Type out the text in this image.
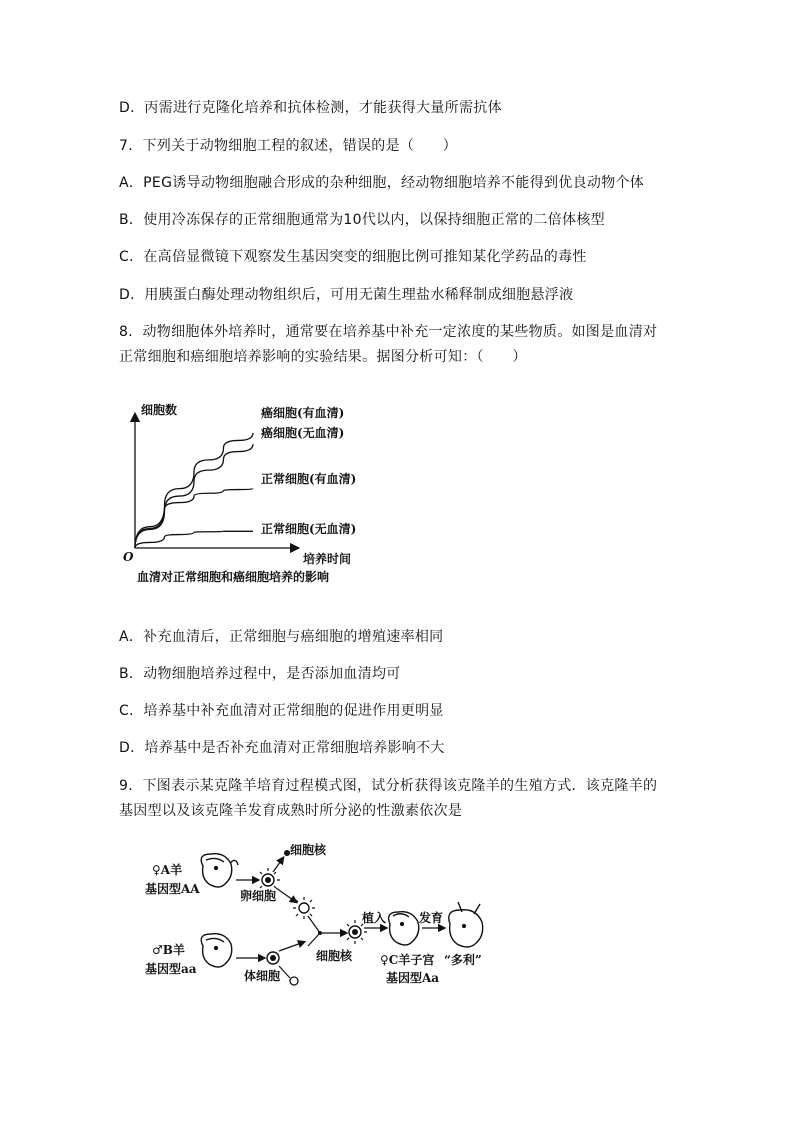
D．丙需进行克隆化培养和抗体检测，才能获得大量所需抗体
7．下列关于动物细胞工程的叙述，错误的是（　　）
A．PEG诱导动物细胞融合形成的杂种细胞，经动物细胞培养不能得到优良动物个体
B．使用冷冻保存的正常细胞通常为10代以内，以保持细胞正常的二倍体核型
C．在高倍显微镜下观察发生基因突变的细胞比例可推知某化学药品的毒性
D．用胰蛋白酶处理动物组织后，可用无菌生理盐水稀释制成细胞悬浮液
8．动物细胞体外培养时，通常要在培养基中补充一定浓度的某些物质。如图是血清对
正常细胞和癌细胞培养影响的实验结果。据图分析可知：（　　）
细胞数
O	培养时间
癌细胞(有血清)
癌细胞(无血清)
正常细胞(有血清)
正常细胞(无血清)
血清对正常细胞和癌细胞培养的影响
A．补充血清后，正常细胞与癌细胞的增殖速率相同
B．动物细胞培养过程中，是否添加血清均可
C．培养基中补充血清对正常细胞的促进作用更明显
D．培养基中是否补充血清对正常细胞培养影响不大
9．下图表示某克隆羊培育过程模式图，试分析获得该克隆羊的生殖方式．该克隆羊的
基因型以及该克隆羊发育成熟时所分泌的性激素依次是
♀A羊
基因型AA
细胞核
卵细胞
植入	发育
♀C羊子宫 “多利”
基因型Aa
♂B羊
基因型aa	体细胞
细胞核
